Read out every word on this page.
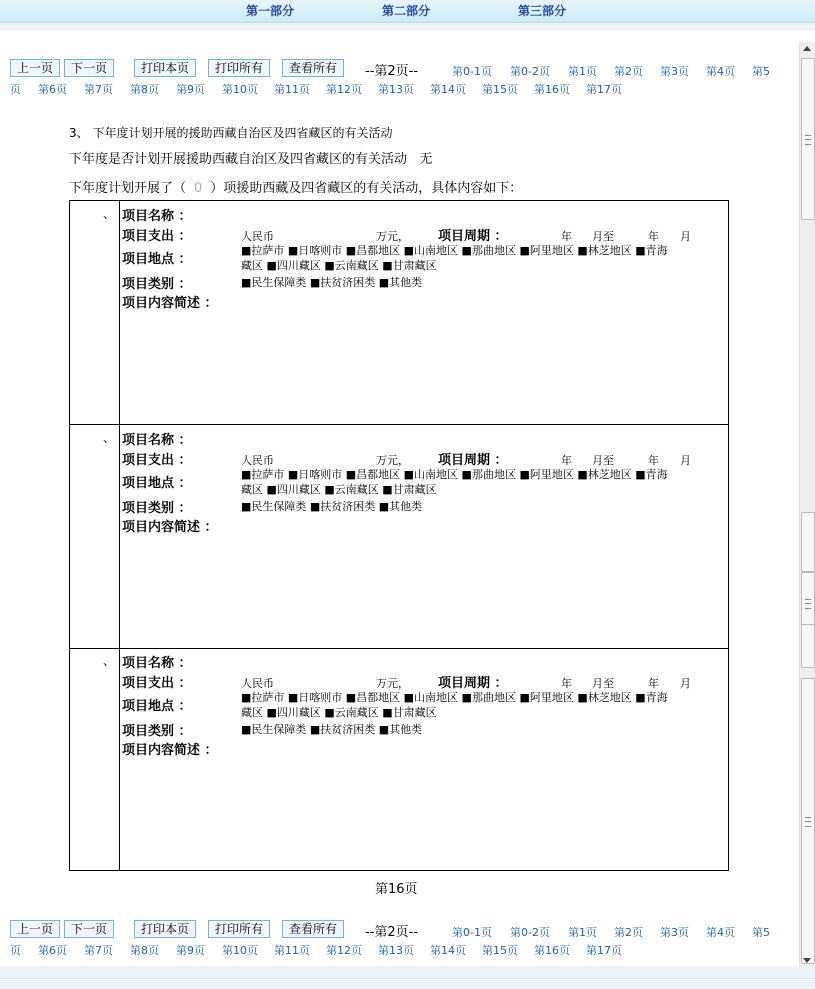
第一部分	第二部分	第三部分
上一页	下一页	打印本页	打印所有	查看所有	--第2页--	第0-1页 第0-2页 第1页 第2页 第3页 第4页 第5
页 第6页 第7页 第8页 第9页 第10页 第11页 第12页 第13页 第14页 第15页 第16页 第17页
3、 下年度计划开展的援助西藏自治区及四省藏区的有关活动
下年度是否计划开展援助西藏自治区及四省藏区的有关活动 无
下年度计划开展了（ 0 ）项援助西藏及四省藏区的有关活动，具体内容如下：
、 项目名称 ：
项目支出 ：	人民币	万元， 项目周期 ：	年 月至	年 月
项目地点 ：
■拉萨市 ■日喀则市 ■昌都地区 ■山南地区 ■那曲地区 ■阿里地区 ■林芝地区 ■青海
藏区 ■四川藏区 ■云南藏区 ■甘肃藏区
项目类别 ：	■民生保障类 ■扶贫济困类 ■其他类
项目内容简述 ：
、 项目名称 ：
项目支出 ：	人民币	万元， 项目周期 ：	年 月至	年 月
项目地点 ：
■拉萨市 ■日喀则市 ■昌都地区 ■山南地区 ■那曲地区 ■阿里地区 ■林芝地区 ■青海
藏区 ■四川藏区 ■云南藏区 ■甘肃藏区
项目类别 ：	■民生保障类 ■扶贫济困类 ■其他类
项目内容简述 ：
、 项目名称 ：
项目支出 ：	人民币	万元， 项目周期 ：	年 月至	年 月
项目地点 ：
■拉萨市 ■日喀则市 ■昌都地区 ■山南地区 ■那曲地区 ■阿里地区 ■林芝地区 ■青海
藏区 ■四川藏区 ■云南藏区 ■甘肃藏区
项目类别 ：	■民生保障类 ■扶贫济困类 ■其他类
项目内容简述 ：
第16页
上一页	下一页	打印本页	打印所有	查看所有	--第2页--	第0-1页 第0-2页 第1页 第2页 第3页 第4页 第5
页 第6页 第7页 第8页 第9页 第10页 第11页 第12页 第13页 第14页 第15页 第16页 第17页
